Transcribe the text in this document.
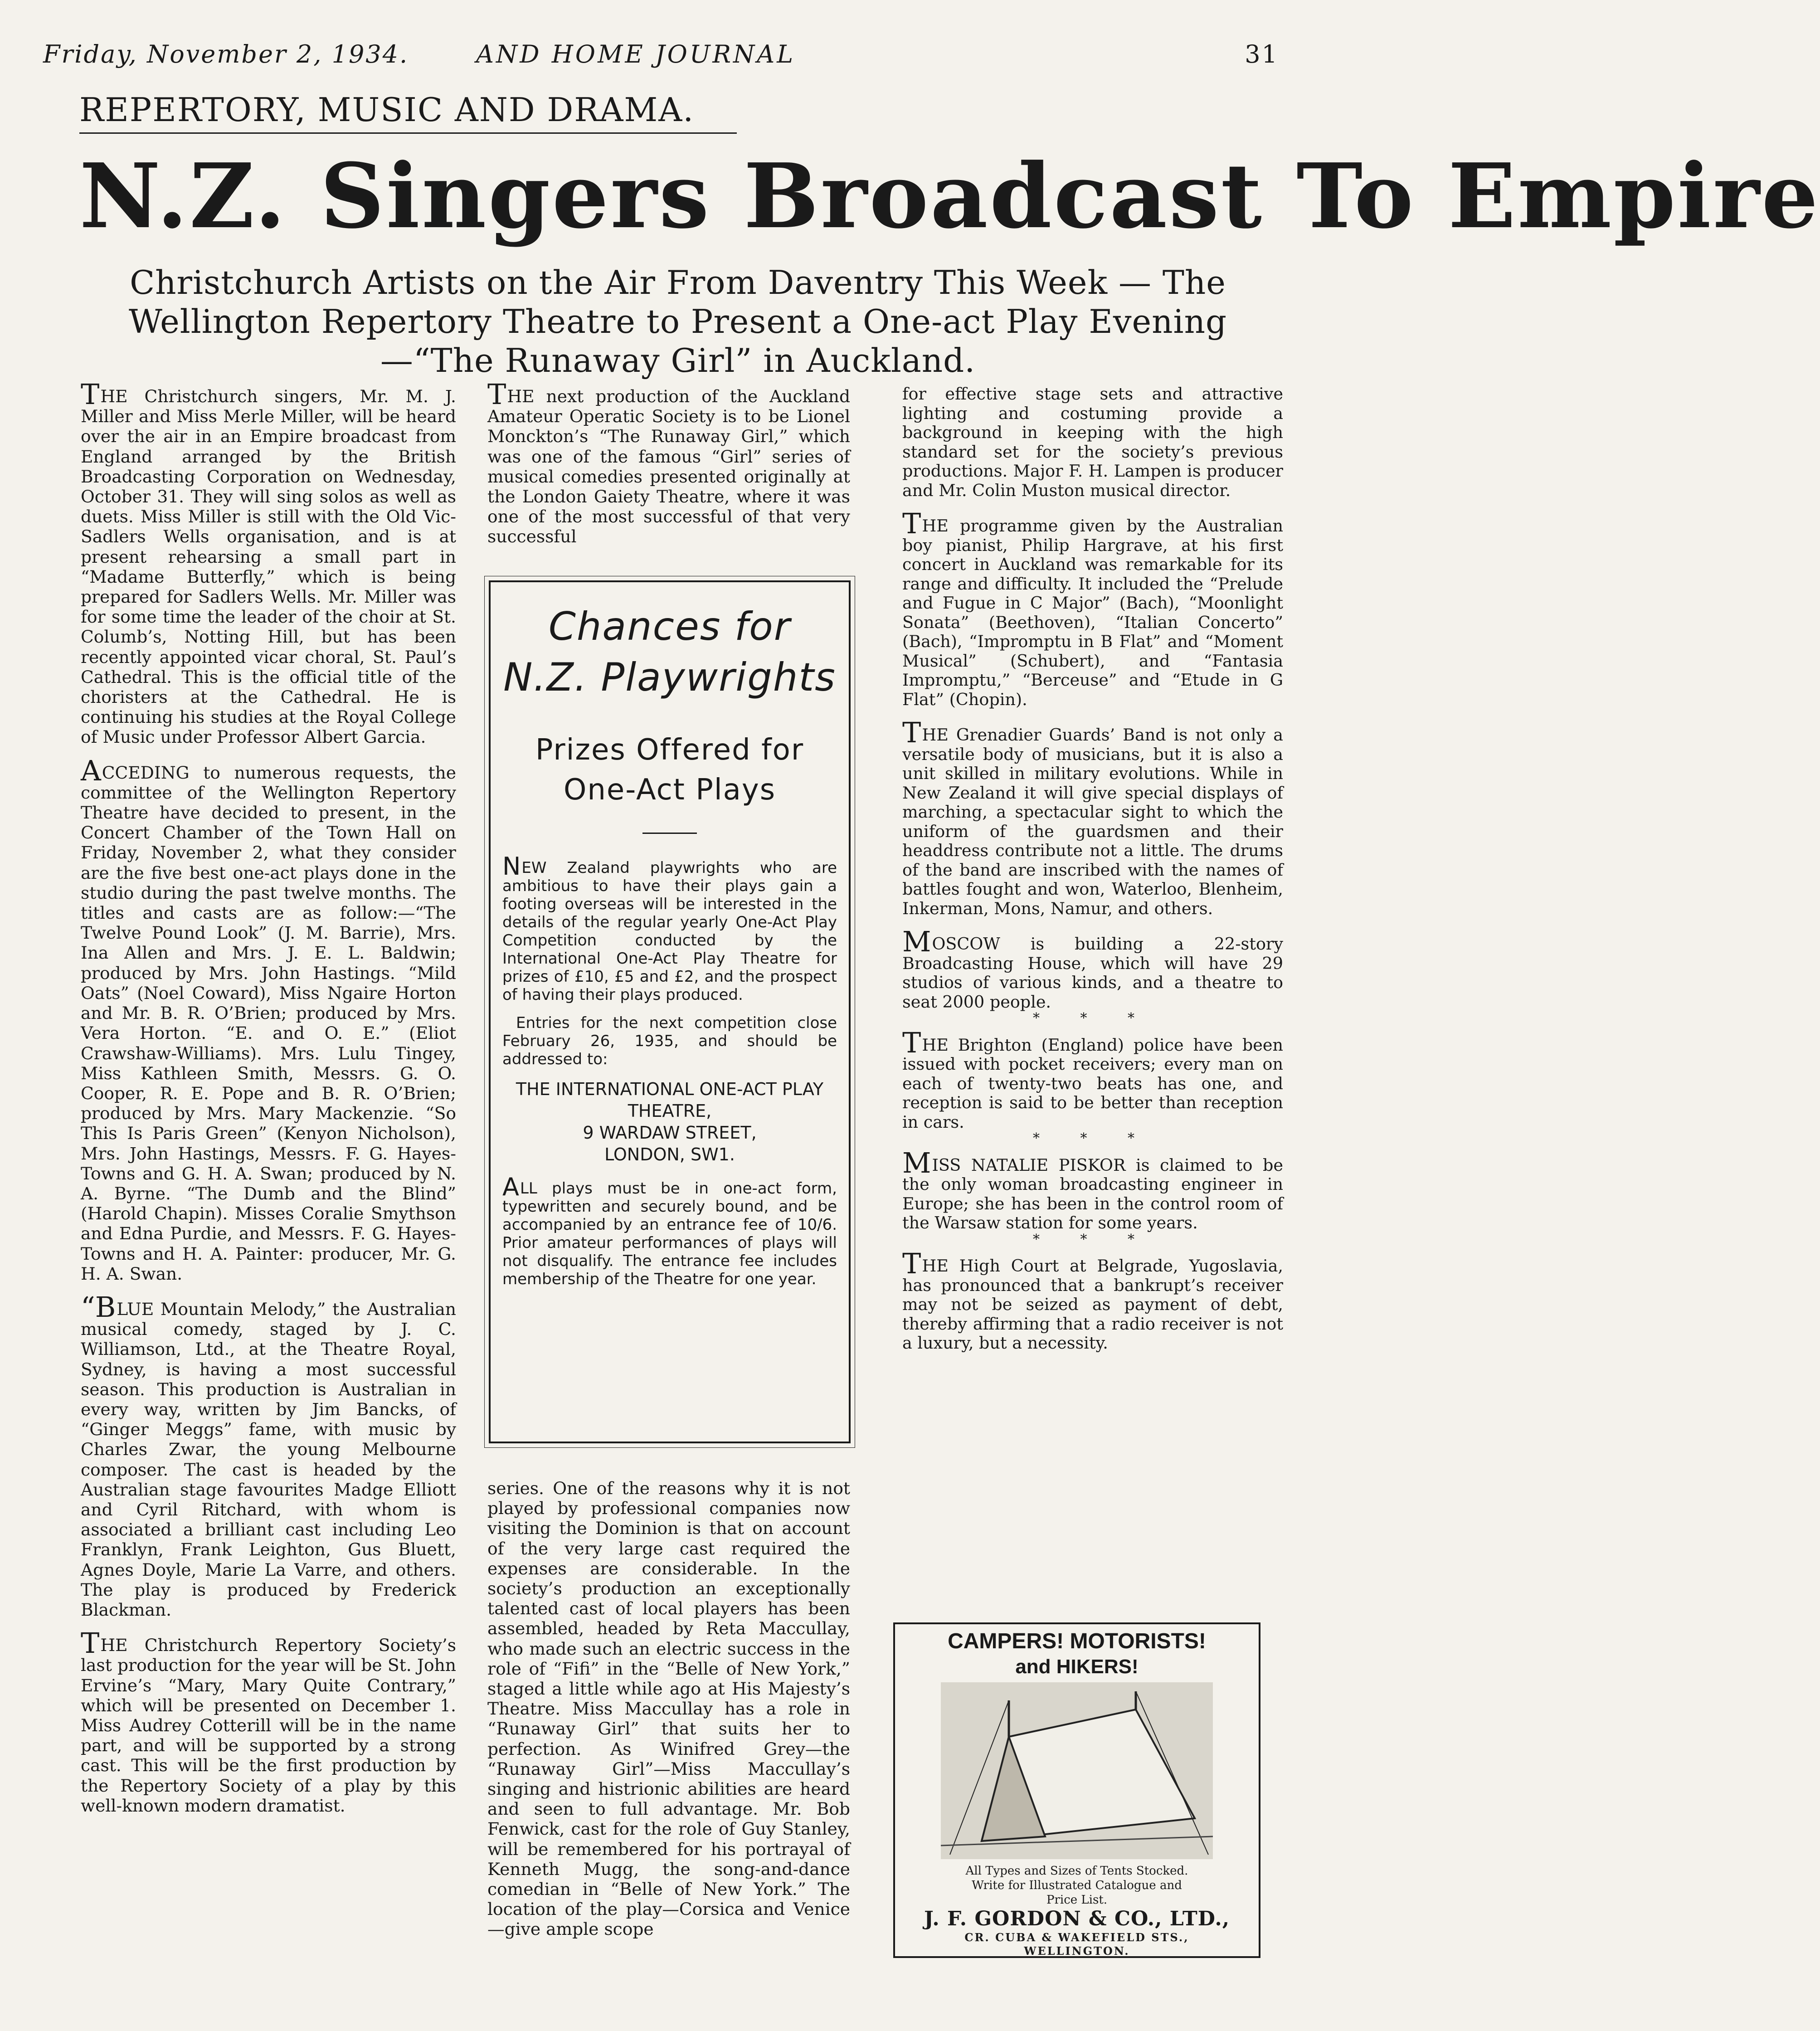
Friday, November 2, 1934.	AND HOME JOURNAL	31
REPERTORY, MUSIC AND DRAMA.
N.Z. Singers Broadcast To Empire
Christchurch Artists on the Air From Daventry This Week — The Wellington Repertory Theatre to Present a One-act Play Evening—“The Runaway Girl” in Auckland.

THE Christchurch singers, Mr. M. J. Miller and Miss Merle Miller, will be heard over the air in an Empire broadcast from England arranged by the British Broadcasting Corporation on Wednesday, October 31. They will sing solos as well as duets. Miss Miller is still with the Old Vic-Sadlers Wells organisation, and is at present rehearsing a small part in “Madame Butterfly,” which is being prepared for Sadlers Wells. Mr. Miller was for some time the leader of the choir at St. Columb’s, Notting Hill, but has been recently appointed vicar choral, St. Paul’s Cathedral. This is the official title of the choristers at the Cathedral. He is continuing his studies at the Royal College of Music under Professor Albert Garcia.

ACCEDING to numerous requests, the committee of the Wellington Repertory Theatre have decided to present, in the Concert Chamber of the Town Hall on Friday, November 2, what they consider are the five best one-act plays done in the studio during the past twelve months. The titles and casts are as follow:—“The Twelve Pound Look” (J. M. Barrie), Mrs. Ina Allen and Mrs. J. E. L. Baldwin; produced by Mrs. John Hastings. “Mild Oats” (Noel Coward), Miss Ngaire Horton and Mr. B. R. O’Brien; produced by Mrs. Vera Horton. “E. and O. E.” (Eliot Crawshaw-Williams). Mrs. Lulu Tingey, Miss Kathleen Smith, Messrs. G. O. Cooper, R. E. Pope and B. R. O’Brien; produced by Mrs. Mary Mackenzie. “So This Is Paris Green” (Kenyon Nicholson), Mrs. John Hastings, Messrs. F. G. Hayes-Towns and G. H. A. Swan; produced by N. A. Byrne. “The Dumb and the Blind” (Harold Chapin). Misses Coralie Smythson and Edna Purdie, and Messrs. F. G. Hayes-Towns and H. A. Painter: producer, Mr. G. H. A. Swan.

“BLUE Mountain Melody,” the Australian musical comedy, staged by J. C. Williamson, Ltd., at the Theatre Royal, Sydney, is having a most successful season. This production is Australian in every way, written by Jim Bancks, of “Ginger Meggs” fame, with music by Charles Zwar, the young Melbourne composer. The cast is headed by the Australian stage favourites Madge Elliott and Cyril Ritchard, with whom is associated a brilliant cast including Leo Franklyn, Frank Leighton, Gus Bluett, Agnes Doyle, Marie La Varre, and others. The play is produced by Frederick Blackman.

THE Christchurch Repertory Society’s last production for the year will be St. John Ervine’s “Mary, Mary Quite Contrary,” which will be presented on December 1. Miss Audrey Cotterill will be in the name part, and will be supported by a strong cast. This will be the first production by the Repertory Society of a play by this well-known modern dramatist.

THE next production of the Auckland Amateur Operatic Society is to be Lionel Monckton’s “The Runaway Girl,” which was one of the famous “Girl” series of musical comedies presented originally at the London Gaiety Theatre, where it was one of the most successful of that very successful

Chances for N.Z. Playwrights
Prizes Offered for One-Act Plays

NEW Zealand playwrights who are ambitious to have their plays gain a footing overseas will be interested in the details of the regular yearly One-Act Play Competition conducted by the International One-Act Play Theatre for prizes of £10, £5 and £2, and the prospect of having their plays produced.

Entries for the next competition close February 26, 1935, and should be addressed to:

THE INTERNATIONAL ONE-ACT PLAY THEATRE,
9 WARDAW STREET,
LONDON, SW1.

ALL plays must be in one-act form, typewritten and securely bound, and be accompanied by an entrance fee of 10/6. Prior amateur performances of plays will not disqualify. The entrance fee includes membership of the Theatre for one year.

series. One of the reasons why it is not played by professional companies now visiting the Dominion is that on account of the very large cast required the expenses are considerable. In the society’s production an exceptionally talented cast of local players has been assembled, headed by Reta Maccullay, who made such an electric success in the role of “Fifi” in the “Belle of New York,” staged a little while ago at His Majesty’s Theatre. Miss Maccullay has a role in “Runaway Girl” that suits her to perfection. As Winifred Grey—the “Runaway Girl”—Miss Maccullay’s singing and histrionic abilities are heard and seen to full advantage. Mr. Bob Fenwick, cast for the role of Guy Stanley, will be remembered for his portrayal of Kenneth Mugg, the song-and-dance comedian in “Belle of New York.” The location of the play—Corsica and Venice—give ample scope

for effective stage sets and attractive lighting and costuming provide a background in keeping with the high standard set for the society’s previous productions. Major F. H. Lampen is producer and Mr. Colin Muston musical director.

THE programme given by the Australian boy pianist, Philip Hargrave, at his first concert in Auckland was remarkable for its range and difficulty. It included the “Prelude and Fugue in C Major” (Bach), “Moonlight Sonata” (Beethoven), “Italian Concerto” (Bach), “Impromptu in B Flat” and “Moment Musical” (Schubert), and “Fantasia Impromptu,” “Berceuse” and “Etude in G Flat” (Chopin).

THE Grenadier Guards’ Band is not only a versatile body of musicians, but it is also a unit skilled in military evolutions. While in New Zealand it will give special displays of marching, a spectacular sight to which the uniform of the guardsmen and their headdress contribute not a little. The drums of the band are inscribed with the names of battles fought and won, Waterloo, Blenheim, Inkerman, Mons, Namur, and others.

MOSCOW is building a 22-story Broadcasting House, which will have 29 studios of various kinds, and a theatre to seat 2000 people.

* * *

THE Brighton (England) police have been issued with pocket receivers; every man on each of twenty-two beats has one, and reception is said to be better than reception in cars.

* * *

MISS NATALIE PISKOR is claimed to be the only woman broadcasting engineer in Europe; she has been in the control room of the Warsaw station for some years.

* * *

THE High Court at Belgrade, Yugoslavia, has pronounced that a bankrupt’s receiver may not be seized as payment of debt, thereby affirming that a radio receiver is not a luxury, but a necessity.

CAMPERS! MOTORISTS!
and HIKERS!
All Types and Sizes of Tents Stocked.
Write for Illustrated Catalogue and
Price List.
J. F. GORDON & CO., LTD.,
CR. CUBA & WAKEFIELD STS.,
WELLINGTON.
